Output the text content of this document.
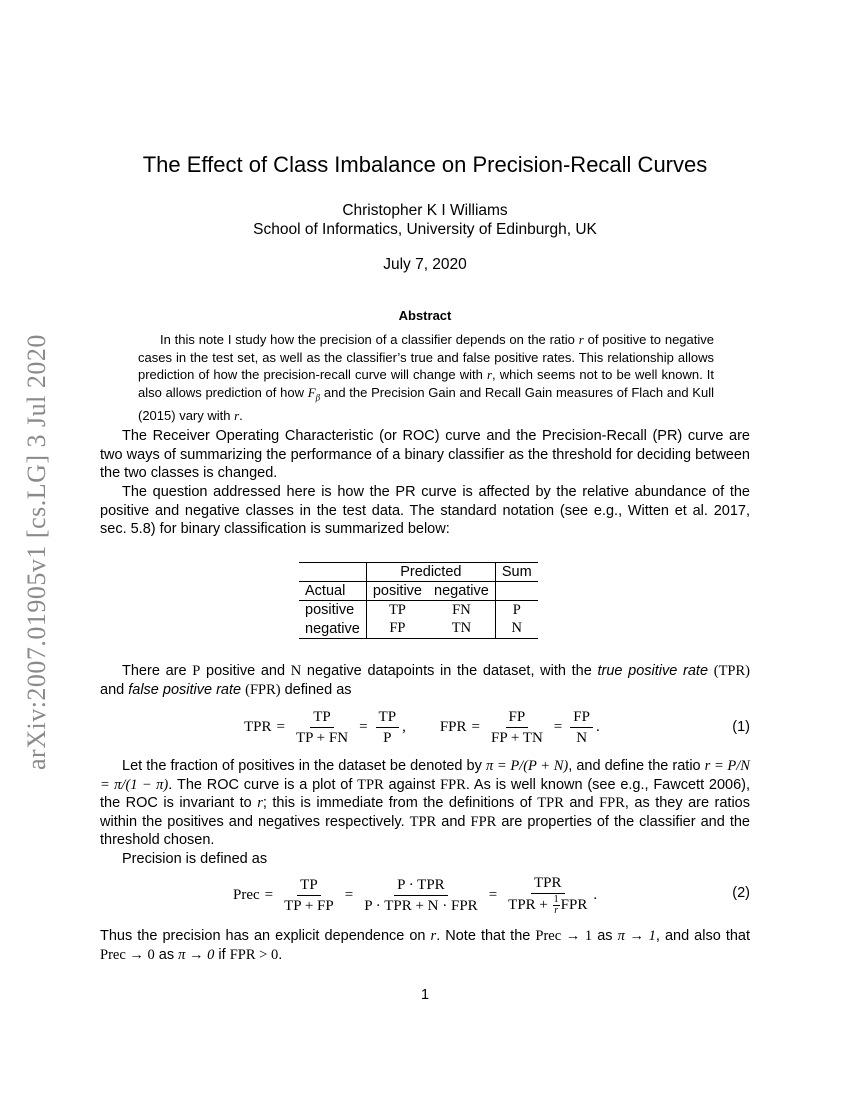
arXiv:2007.01905v1 [cs.LG] 3 Jul 2020
The Effect of Class Imbalance on Precision-Recall Curves
Christopher K I Williams
School of Informatics, University of Edinburgh, UK
July 7, 2020
Abstract
In this note I study how the precision of a classifier depends on the ratio r of positive to negative cases in the test set, as well as the classifier’s true and false positive rates. This relationship allows prediction of how the precision-recall curve will change with r, which seems not to be well known. It also allows prediction of how $F_\beta$ and the Precision Gain and Recall Gain measures of Flach and Kull (2015) vary with r.
The Receiver Operating Characteristic (or ROC) curve and the Precision-Recall (PR) curve are two ways of summarizing the performance of a binary classifier as the threshold for deciding between the two classes is changed.
The question addressed here is how the PR curve is affected by the relative abundance of the positive and negative classes in the test data. The standard notation (see e.g., Witten et al. 2017, sec. 5.8) for binary classification is summarized below:
	Predicted		Sum
Actual	positive	negative	
positive	TP	FN	P
negative	FP	TN	N
There are P positive and N negative datapoints in the dataset, with the true positive rate (TPR) and false positive rate (FPR) defined as
TPR = $\frac{TP}{TP + FN} = \frac{TP}{P}$ , FPR = $\frac{FP}{FP + TN} = \frac{FP}{N}$ .	(1)
Let the fraction of positives in the dataset be denoted by π = P/(P + N), and define the ratio r = P/N = π/(1 − π). The ROC curve is a plot of TPR against FPR. As is well known (see e.g., Fawcett 2006), the ROC is invariant to r; this is immediate from the definitions of TPR and FPR, as they are ratios within the positives and negatives respectively. TPR and FPR are properties of the classifier and the threshold chosen.
Precision is defined as
Prec = $\frac{TP}{TP + FP} = \frac{\text{P · TPR}}{\text{P · TPR + N · FPR}} = \frac{\text{TPR}}{TPR + \frac{1}{r} FPR}$ .	(2)
Thus the precision has an explicit dependence on r. Note that the Prec → 1 as π → 1, and also that Prec → 0 as π → 0 if FPR > 0.
1
